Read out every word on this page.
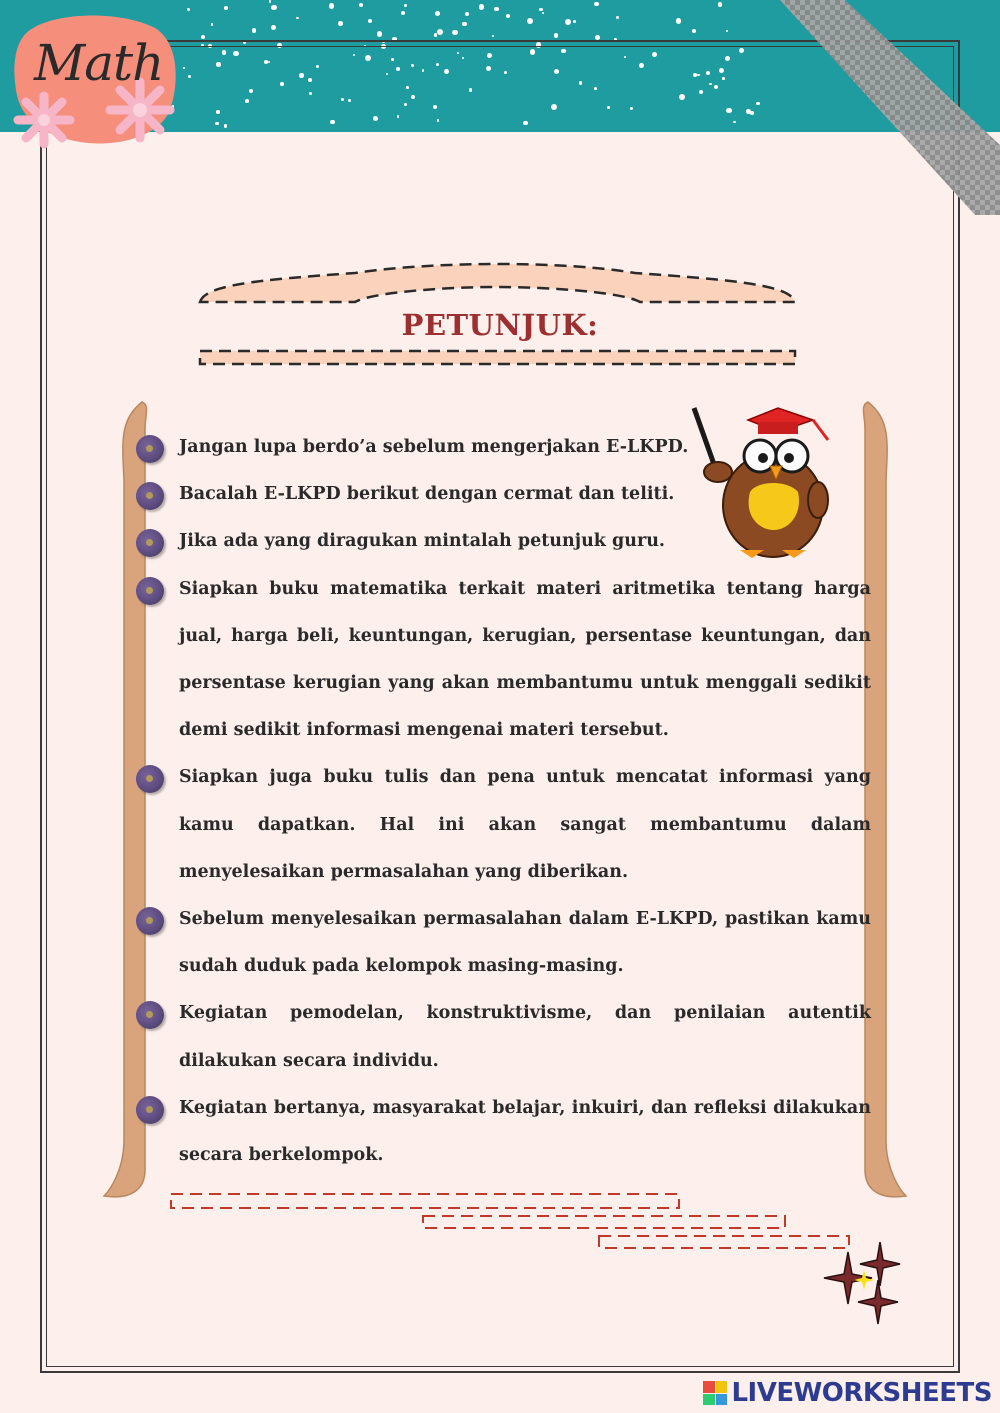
Math
PETUNJUK:
Jangan lupa berdo’a sebelum mengerjakan E-LKPD.
Bacalah E-LKPD berikut dengan cermat dan teliti.
Jika ada yang diragukan mintalah petunjuk guru.
Siapkan buku matematika terkait materi aritmetika tentang harga jual, harga beli, keuntungan, kerugian, persentase keuntungan, dan persentase kerugian yang akan membantumu untuk menggali sedikit demi sedikit informasi mengenai materi tersebut.
Siapkan juga buku tulis dan pena untuk mencatat informasi yang kamu dapatkan. Hal ini akan sangat membantumu dalam menyelesaikan permasalahan yang diberikan.
Sebelum menyelesaikan permasalahan dalam E-LKPD, pastikan kamu sudah duduk pada kelompok masing-masing.
Kegiatan pemodelan, konstruktivisme, dan penilaian autentik dilakukan secara individu.
Kegiatan bertanya, masyarakat belajar, inkuiri, dan refleksi dilakukan secara berkelompok.
LIVEWORKSHEETS
